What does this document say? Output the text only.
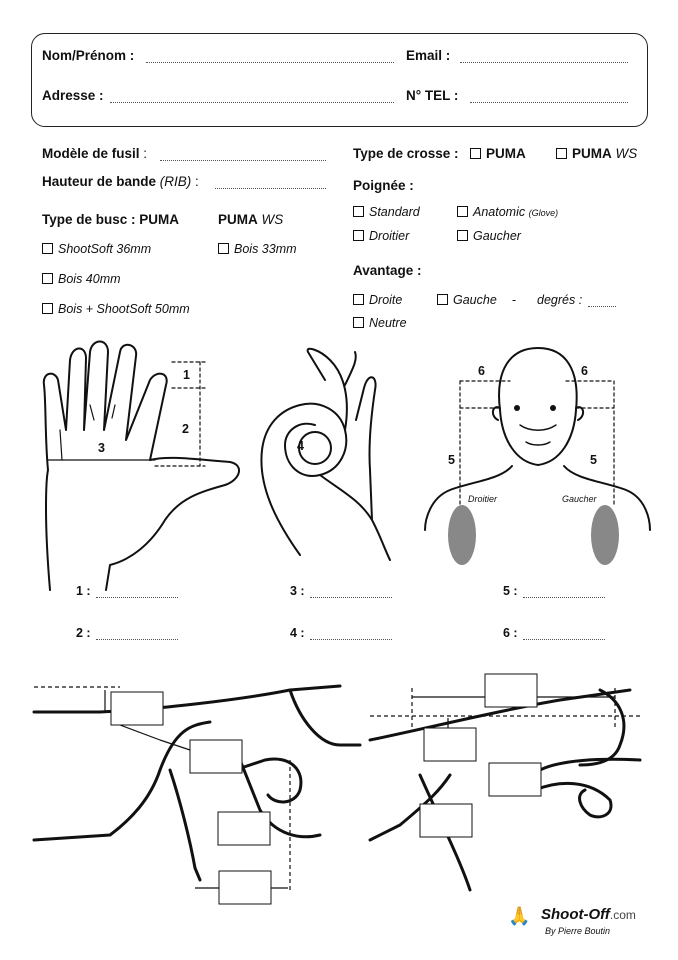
Nom/Prénom :	Email :
Adresse :	N° TEL :
Modèle de fusil :
Hauteur de bande (RIB) :
Type de busc : PUMA	PUMA WS
ShootSoft 36mm	Bois 33mm
Bois 40mm
Bois + ShootSoft 50mm
Type de crosse :	PUMA	PUMA WS
Poignée :
Standard	Anatomic (Glove)
Droitier	Gaucher
Avantage :
Droite	Gauche - degrés :
Neutre
1
2
3	4
6	6
5	5
Droitier	Gaucher
1 :	3 :	5 :
2 :	4 :	6 :
🙏 Shoot-Off.com
By Pierre Boutin
